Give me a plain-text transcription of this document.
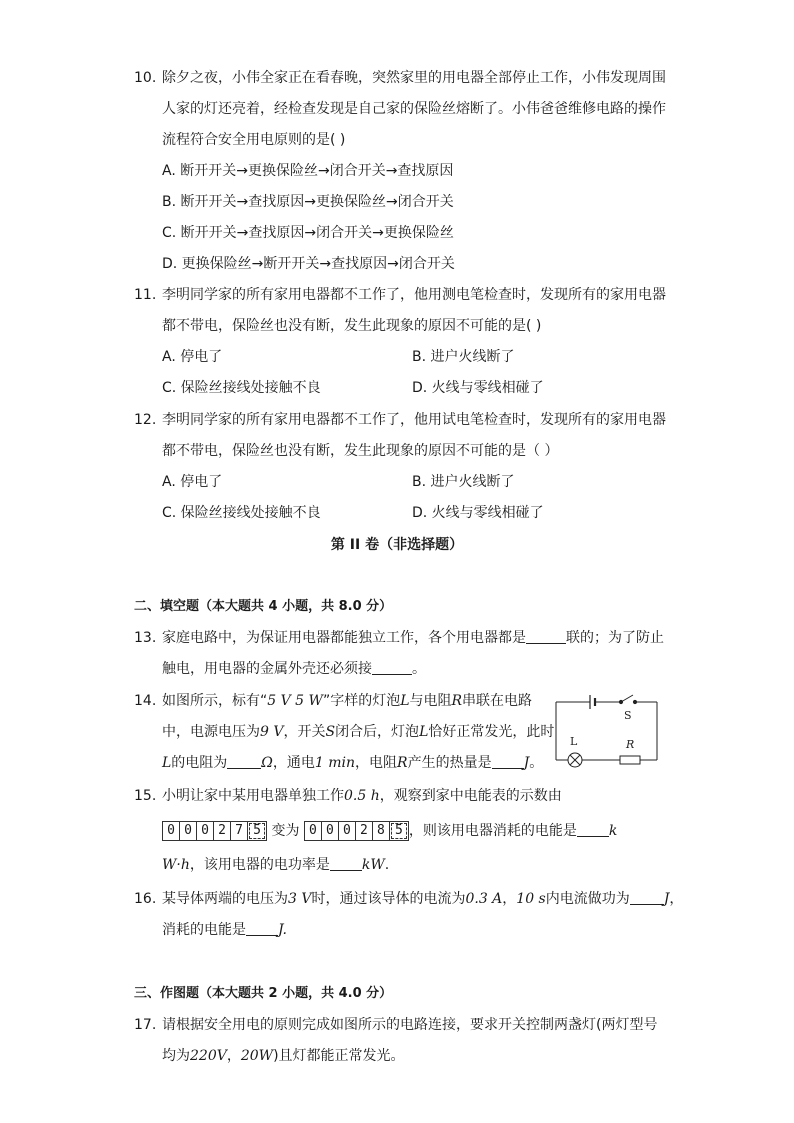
10. 除夕之夜，小伟全家正在看春晚，突然家里的用电器全部停止工作，小伟发现周围
人家的灯还亮着，经检查发现是自己家的保险丝熔断了。小伟爸爸维修电路的操作
流程符合安全用电原则的是( )
A. 断开开关→更换保险丝→闭合开关→查找原因
B. 断开开关→查找原因→更换保险丝→闭合开关
C. 断开开关→查找原因→闭合开关→更换保险丝
D. 更换保险丝→断开开关→查找原因→闭合开关
11. 李明同学家的所有家用电器都不工作了，他用测电笔检查时，发现所有的家用电器
都不带电，保险丝也没有断，发生此现象的原因不可能的是( )
A. 停电了	B. 进户火线断了
C. 保险丝接线处接触不良	D. 火线与零线相碰了
12. 李明同学家的所有家用电器都不工作了，他用试电笔检查时，发现所有的家用电器
都不带电，保险丝也没有断，发生此现象的原因不可能的是（ ）
A. 停电了	B. 进户火线断了
C. 保险丝接线处接触不良	D. 火线与零线相碰了
第 II 卷（非选择题）
二、填空题（本大题共 4 小题，共 8.0 分）
13. 家庭电路中，为保证用电器都能独立工作，各个用电器都是	联的；为了防止
触电，用电器的金属外壳还必须接	。
14. 如图所示，标有“5 V 5 W”字样的灯泡L与电阻R串联在电路
中，电源电压为9 V，开关S闭合后，灯泡L恰好正常发光，此时
L的电阻为 Ω，通电1 min，电阻R产生的热量是 J。
S
L	R
15. 小明让家中某用电器单独工作0.5 h，观察到家中电能表的示数由
0 0 0 2 7 5 变为 0 0 0 2 8 5 ，则该用电器消耗的电能是 k
W·h，该用电器的电功率是 kW.
16. 某导体两端的电压为3 V时，通过该导体的电流为0.3 A，10 s内电流做功为 J，
消耗的电能是 J.
三、作图题（本大题共 2 小题，共 4.0 分）
17. 请根据安全用电的原则完成如图所示的电路连接，要求开关控制两盏灯(两灯型号
均为220V，20W)且灯都能正常发光。
